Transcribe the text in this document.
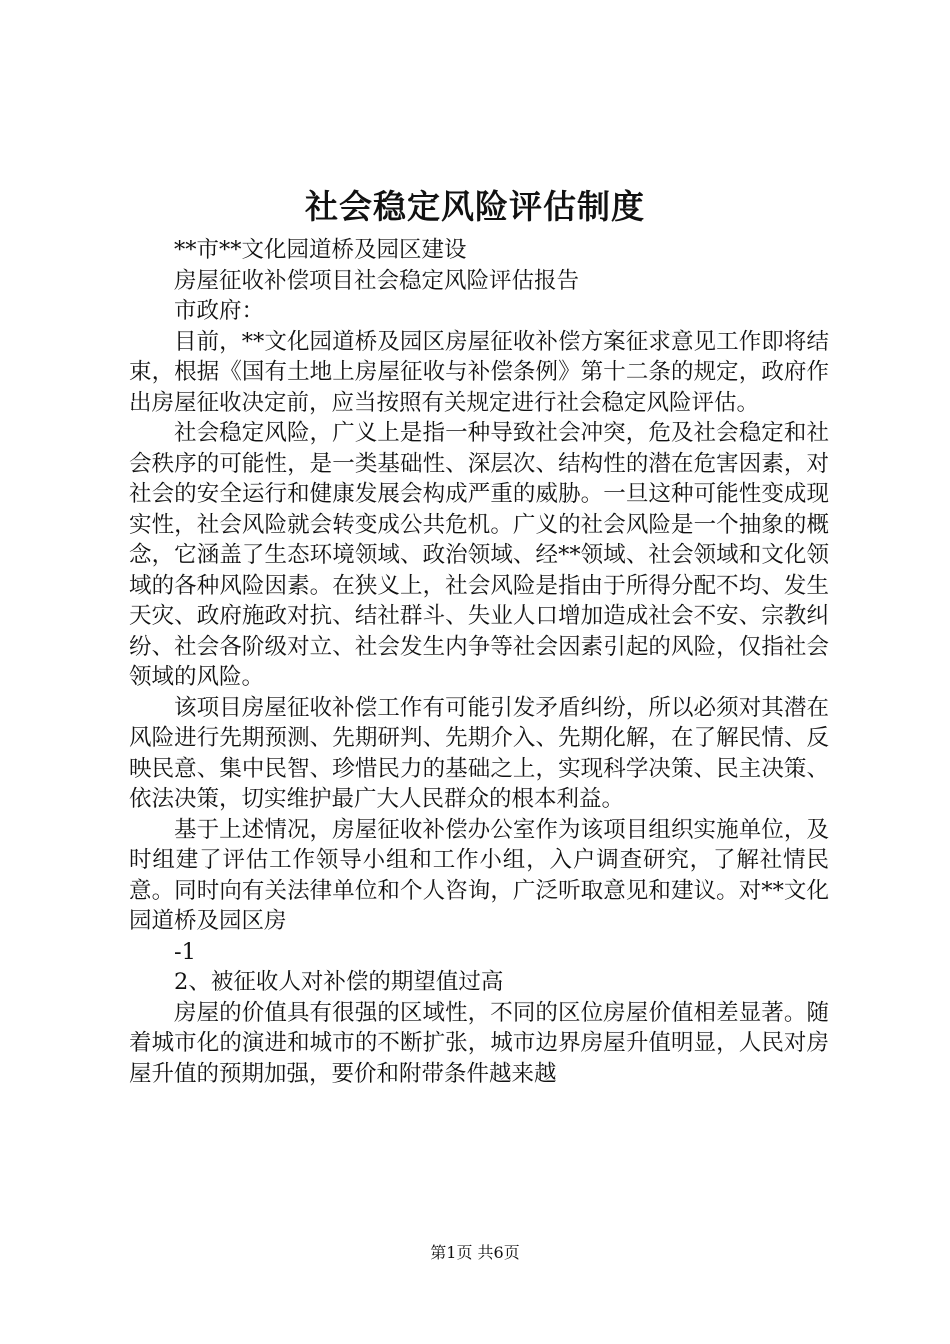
社会稳定风险评估制度

**市**文化园道桥及园区建设

房屋征收补偿项目社会稳定风险评估报告

市政府：

目前，**文化园道桥及园区房屋征收补偿方案征求意见工作即将结束，根据《国有土地上房屋征收与补偿条例》第十二条的规定，政府作出房屋征收决定前，应当按照有关规定进行社会稳定风险评估。

社会稳定风险，广义上是指一种导致社会冲突，危及社会稳定和社会秩序的可能性，是一类基础性、深层次、结构性的潜在危害因素，对社会的安全运行和健康发展会构成严重的威胁。一旦这种可能性变成现实性，社会风险就会转变成公共危机。广义的社会风险是一个抽象的概念，它涵盖了生态环境领域、政治领域、经**领域、社会领域和文化领域的各种风险因素。在狭义上，社会风险是指由于所得分配不均、发生天灾、政府施政对抗、结社群斗、失业人口增加造成社会不安、宗教纠纷、社会各阶级对立、社会发生内争等社会因素引起的风险，仅指社会领域的风险。

该项目房屋征收补偿工作有可能引发矛盾纠纷，所以必须对其潜在风险进行先期预测、先期研判、先期介入、先期化解，在了解民情、反映民意、集中民智、珍惜民力的基础之上，实现科学决策、民主决策、依法决策，切实维护最广大人民群众的根本利益。

基于上述情况，房屋征收补偿办公室作为该项目组织实施单位，及时组建了评估工作领导小组和工作小组，入户调查研究，了解社情民意。同时向有关法律单位和个人咨询，广泛听取意见和建议。对**文化园道桥及园区房

-1

2、被征收人对补偿的期望值过高

房屋的价值具有很强的区域性，不同的区位房屋价值相差显著。随着城市化的演进和城市的不断扩张，城市边界房屋升值明显，人民对房屋升值的预期加强，要价和附带条件越来越

第1页 共6页
